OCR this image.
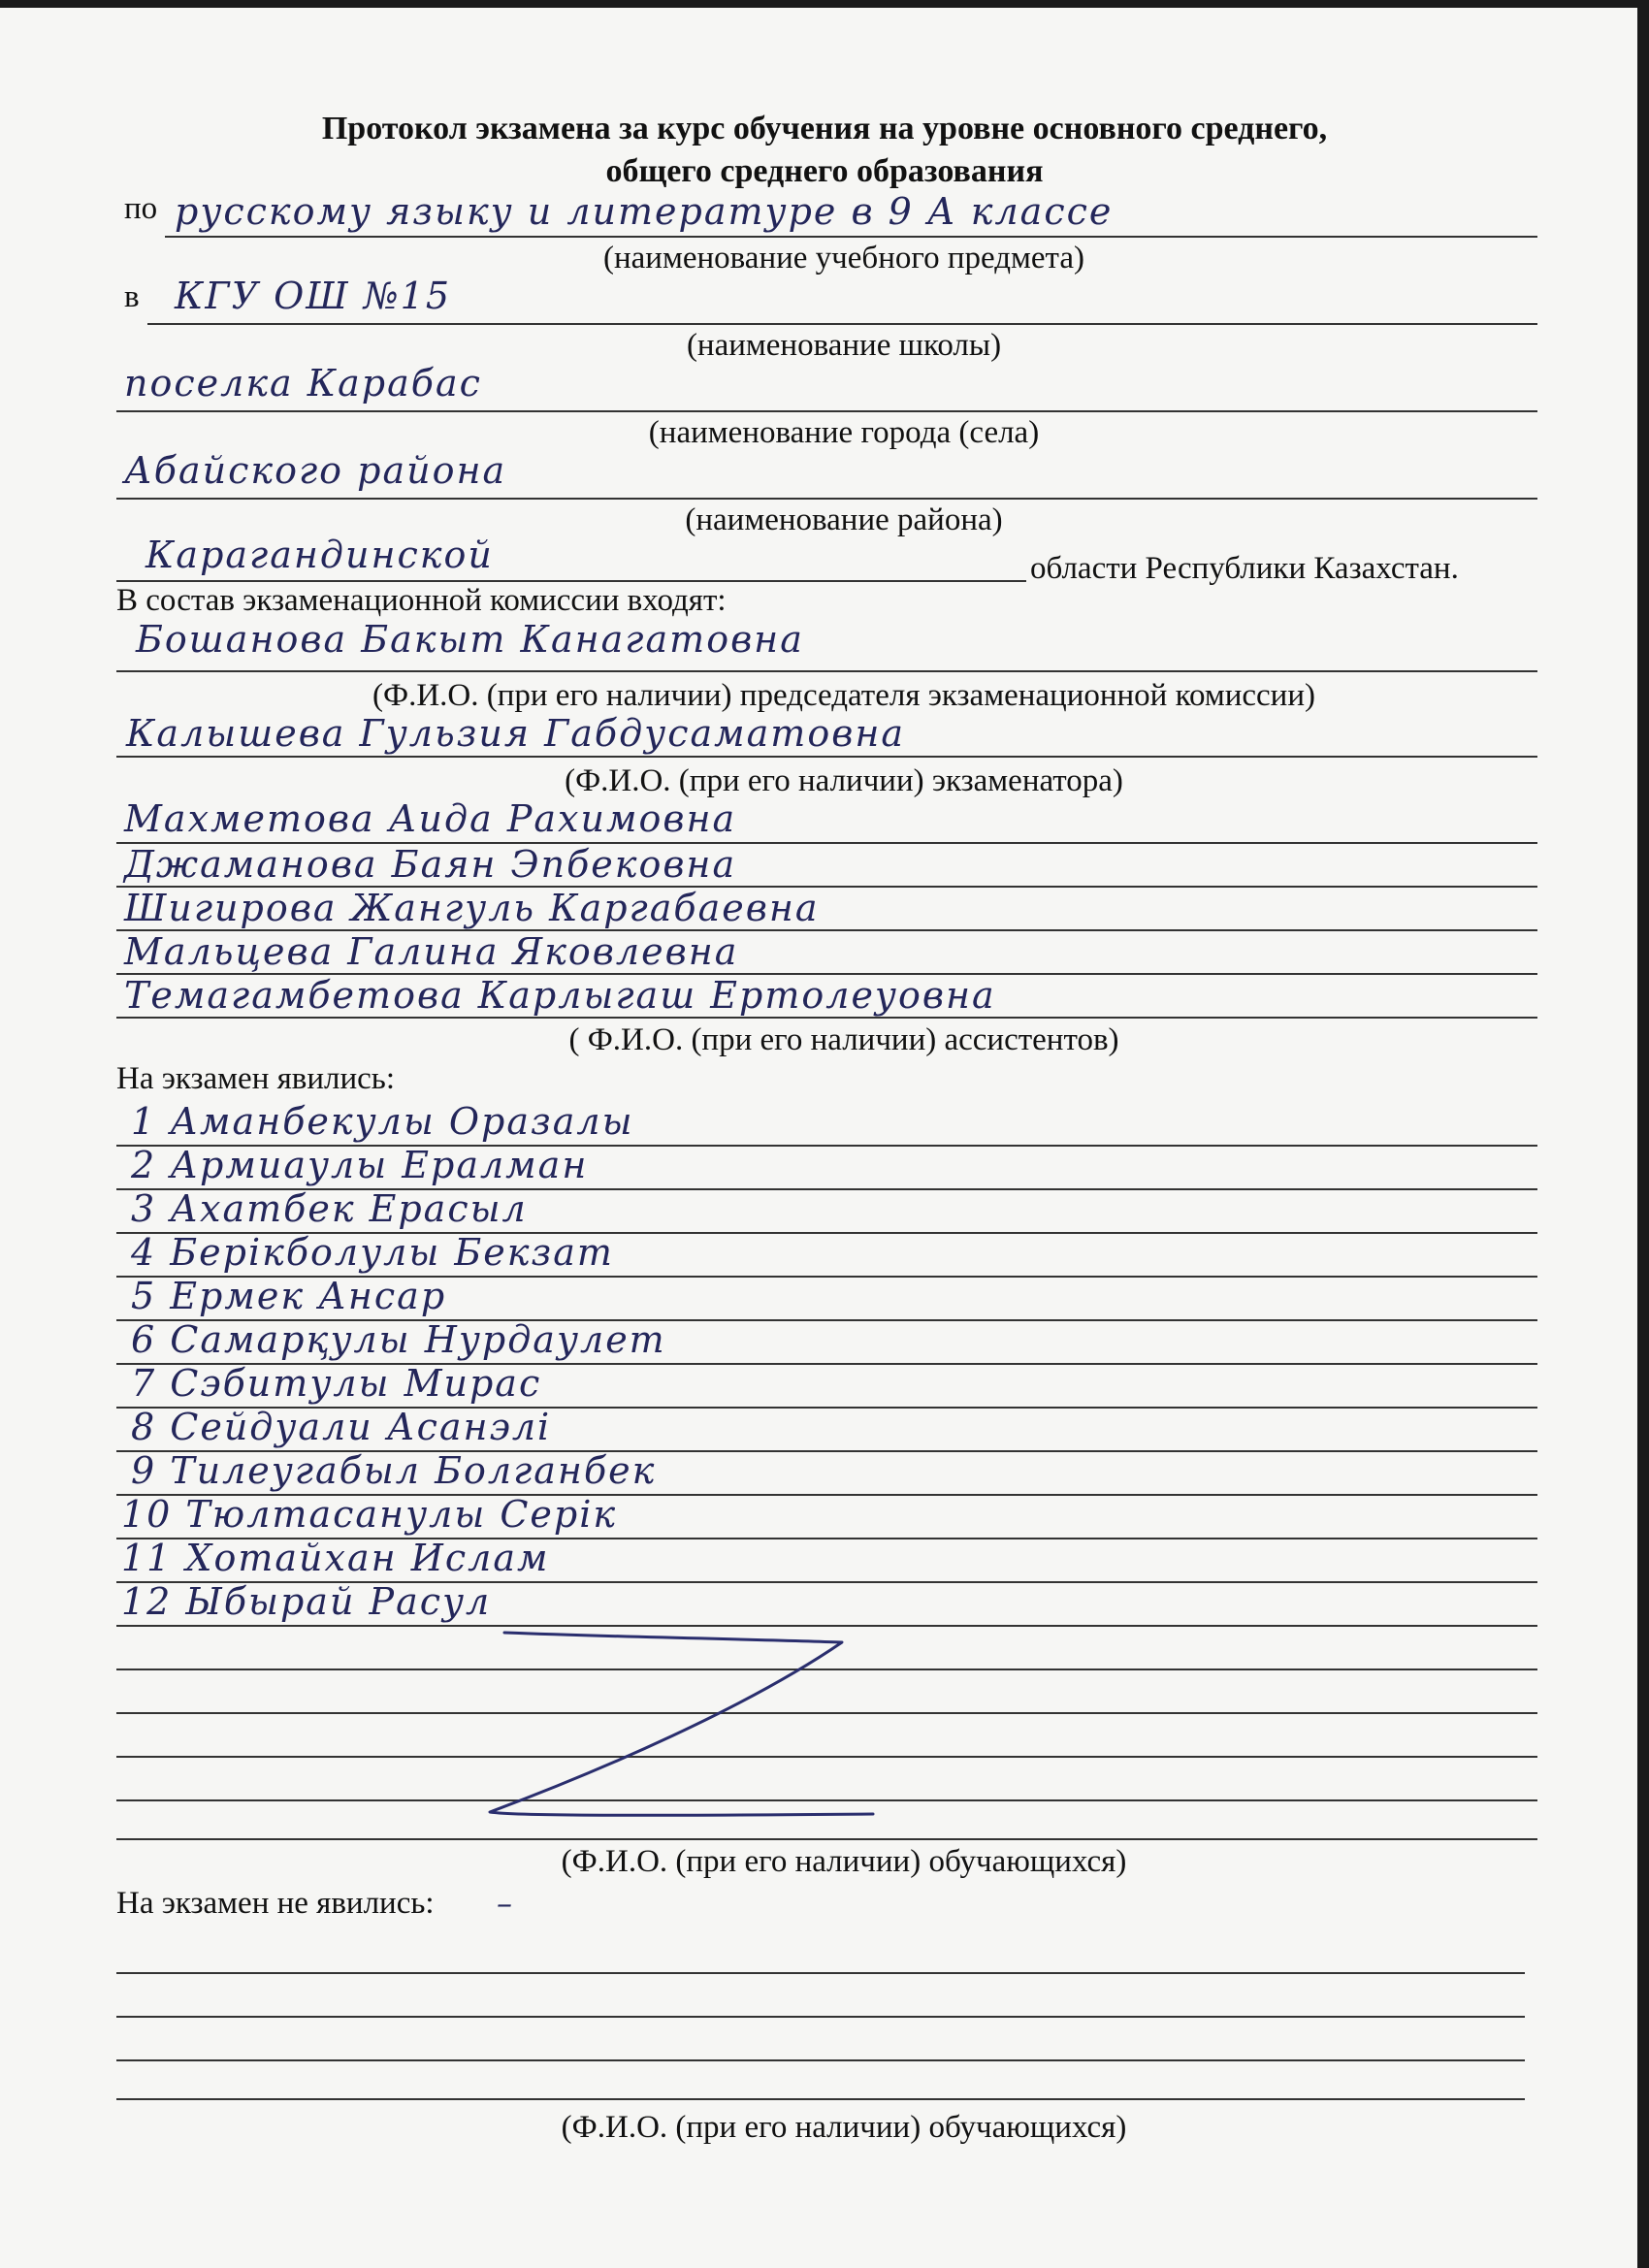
Протокол экзамена за курс обучения на уровне основного среднего,
общего среднего образования
по русскому языку и литературе в 9 А классе
(наименование учебного предмета)
в КГУ ОШ №15
(наименование школы)
поселка Карабас
(наименование города (села)
Абайского района
(наименование района)
Карагандинской	области Республики Казахстан.
В состав экзаменационной комиссии входят:
Бошанова Бакыт Канагатовна
(Ф.И.О. (при его наличии) председателя экзаменационной комиссии)
Калышева Гульзия Габдусаматовна
(Ф.И.О. (при его наличии) экзаменатора)
Махметова Аида Рахимовна
Джаманова Баян Эпбековна
Шигирова Жангуль Каргабаевна
Мальцева Галина Яковлевна
Темагамбетова Карлыгаш Ертолеуовна
( Ф.И.О. (при его наличии) ассистентов)
На экзамен явились:
1 Аманбекулы Оразалы
2 Армиаулы Ералман
3 Ахатбек Ерасыл
4 Берікболулы Бекзат
5 Ермек Ансар
6 Самарқулы Нурдаулет
7 Сэбитулы Мирас
8 Сейдуали Асанэлі
9 Тилеугабыл Болганбек
10 Тюлтасанулы Серік
11 Хотайхан Ислам
12 Ыбырай Расул
(Ф.И.О. (при его наличии) обучающихся)
На экзамен не явились: –
(Ф.И.О. (при его наличии) обучающихся)
